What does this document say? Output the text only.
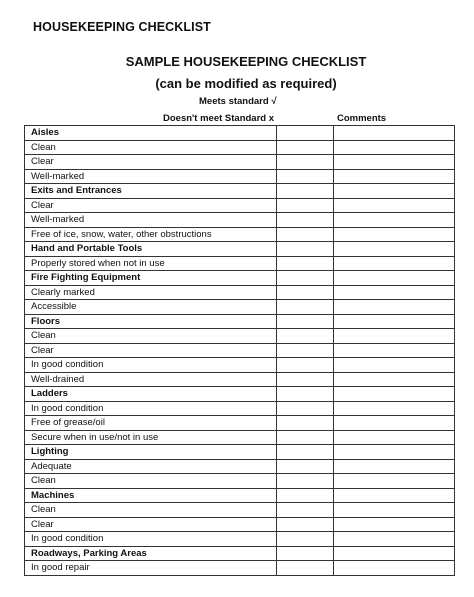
HOUSEKEEPING CHECKLIST
SAMPLE HOUSEKEEPING CHECKLIST
(can be modified as required)
Meets standard √
Doesn't meet Standard x	Comments
Aisles		
Clean		
Clear		
Well-marked		
Exits and Entrances		
Clear		
Well-marked		
Free of ice, snow, water, other obstructions		
Hand and Portable Tools		
Properly stored when not in use		
Fire Fighting Equipment		
Clearly marked		
Accessible		
Floors		
Clean		
Clear		
In good condition		
Well-drained		
Ladders		
In good condition		
Free of grease/oil		
Secure when in use/not in use		
Lighting		
Adequate		
Clean		
Machines		
Clean		
Clear		
In good condition		
Roadways, Parking Areas		
In good repair		
